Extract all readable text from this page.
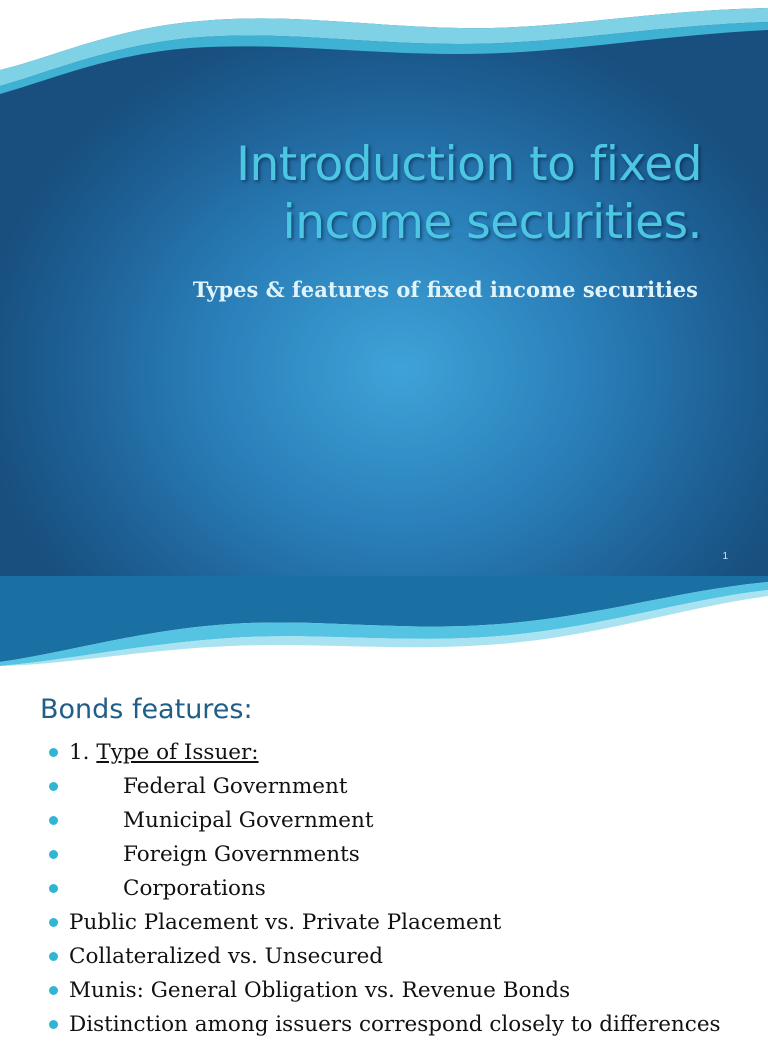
Introduction to fixed
income securities.

Types & features of fixed income securities

1
Bonds features:
1. Type of Issuer:
Federal Government
Municipal Government
Foreign Governments
Corporations
Public Placement vs. Private Placement
Collateralized vs. Unsecured
Munis: General Obligation vs. Revenue Bonds
Distinction among issuers correspond closely to differences
